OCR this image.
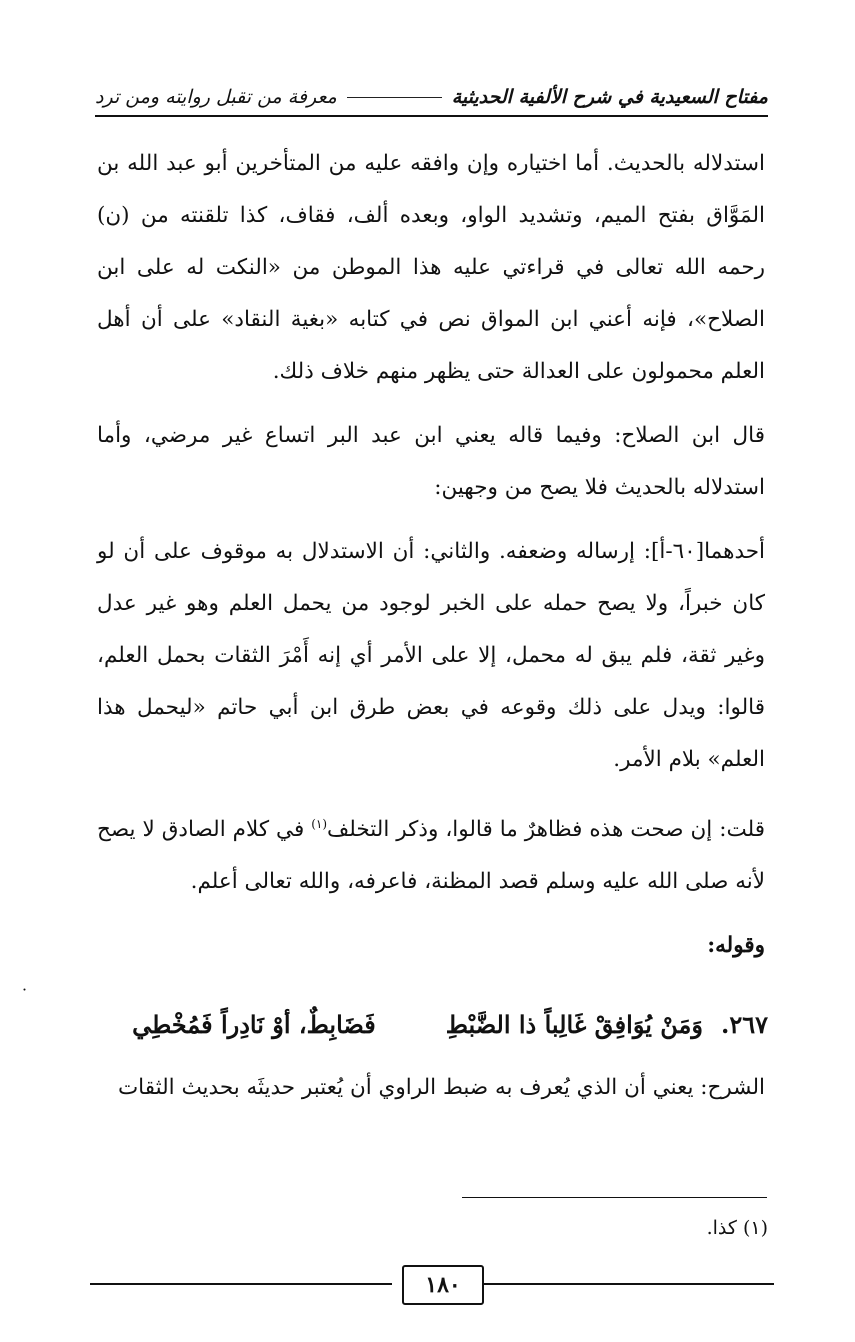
مفتاح السعيدية في شرح الألفية الحديثية
معرفة من تقبل روايته ومن ترد

استدلاله بالحديث. أما اختياره وإن وافقه عليه من المتأخرين أبو عبد الله بن المَوَّاق بفتح الميم، وتشديد الواو، وبعده ألف، فقاف، كذا تلقنته من (ن) رحمه الله تعالى في قراءتي عليه هذا الموطن من «النكت له على ابن الصلاح»، فإنه أعني ابن المواق نص في كتابه «بغية النقاد» على أن أهل العلم محمولون على العدالة حتى يظهر منهم خلاف ذلك.

قال ابن الصلاح: وفيما قاله يعني ابن عبد البر اتساع غير مرضي، وأما استدلاله بالحديث فلا يصح من وجهين:

أحدهما[٦٠-أ]: إرساله وضعفه. والثاني: أن الاستدلال به موقوف على أن لو كان خبراً، ولا يصح حمله على الخبر لوجود من يحمل العلم وهو غير عدل وغير ثقة، فلم يبق له محمل، إلا على الأمر أي إنه أَمْرَ الثقات بحمل العلم، قالوا: ويدل على ذلك وقوعه في بعض طرق ابن أبي حاتم «ليحمل هذا العلم» بلام الأمر.

قلت: إن صحت هذه فظاهرٌ ما قالوا، وذكر التخلف$^{(١)}$ في كلام الصادق لا يصح لأنه صلى الله عليه وسلم قصد المظنة، فاعرفه، والله تعالى أعلم.

وقوله:

٢٦٧.
وَمَنْ يُوَافِقْ غَالِباً ذا الضَّبْطِ
فَضَابِطٌ، أوْ نَادِراً فَمُخْطِي
˙
الشرح: يعني أن الذي يُعرف به ضبط الراوي أن يُعتبر حديثَه بحديث الثقات
(١) كذا.
١٨٠
